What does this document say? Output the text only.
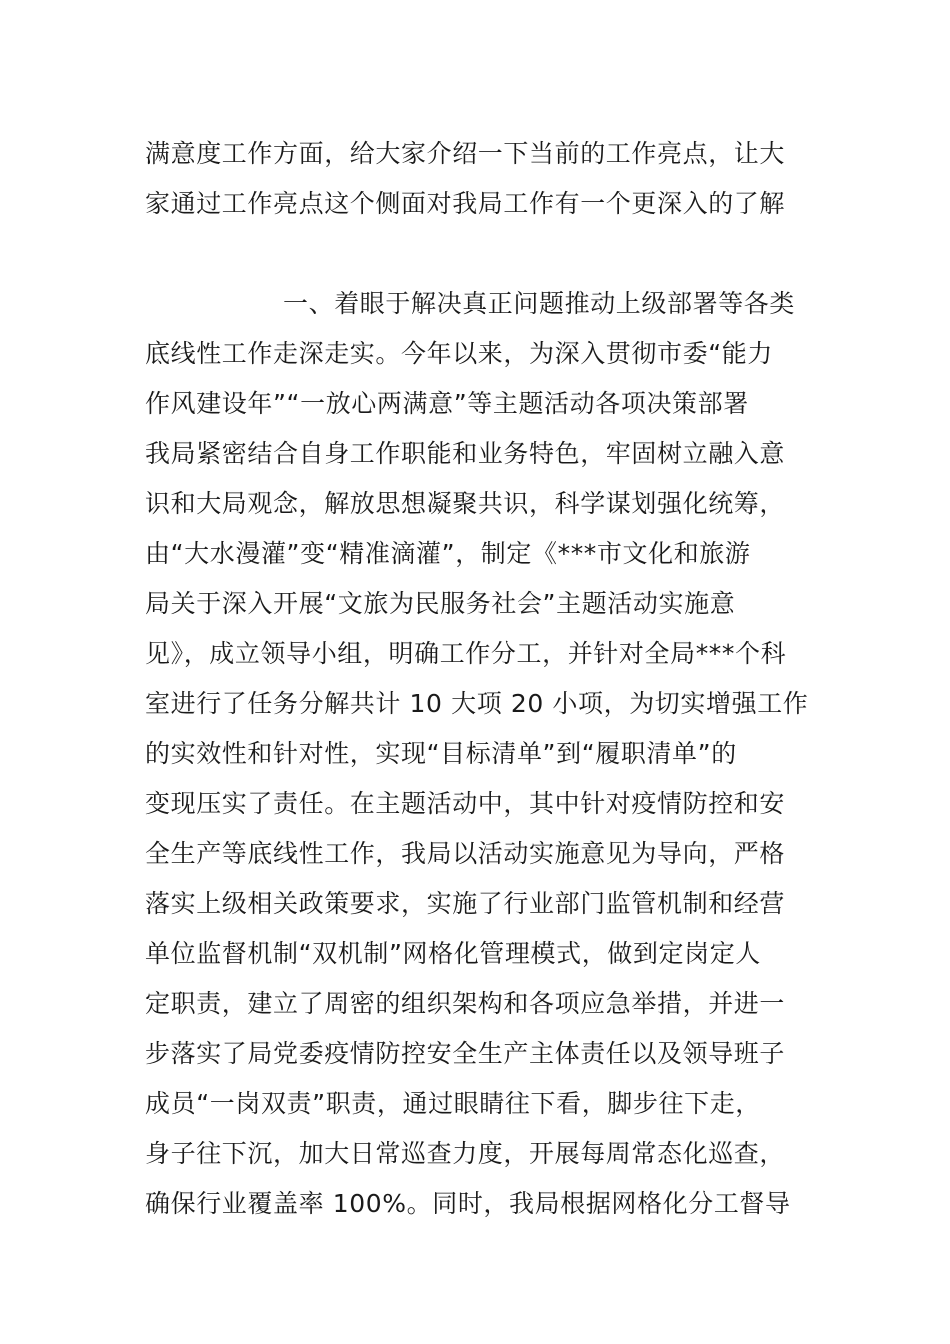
满意度工作方面，给大家介绍一下当前的工作亮点，让大
家通过工作亮点这个侧面对我局工作有一个更深入的了解
一、着眼于解决真正问题推动上级部署等各类
底线性工作走深走实。今年以来，为深入贯彻市委“能力
作风建设年”“一放心两满意”等主题活动各项决策部署
我局紧密结合自身工作职能和业务特色，牢固树立融入意
识和大局观念，解放思想凝聚共识，科学谋划强化统筹，
由“大水漫灌”变“精准滴灌”，制定《***市文化和旅游
局关于深入开展“文旅为民服务社会”主题活动实施意
见》，成立领导小组，明确工作分工，并针对全局***个科
室进行了任务分解共计 10 大项 20 小项，为切实增强工作
的实效性和针对性，实现“目标清单”到“履职清单”的
变现压实了责任。在主题活动中，其中针对疫情防控和安
全生产等底线性工作，我局以活动实施意见为导向，严格
落实上级相关政策要求，实施了行业部门监管机制和经营
单位监督机制“双机制”网格化管理模式，做到定岗定人
定职责，建立了周密的组织架构和各项应急举措，并进一
步落实了局党委疫情防控安全生产主体责任以及领导班子
成员“一岗双责”职责，通过眼睛往下看，脚步往下走，
身子往下沉，加大日常巡查力度，开展每周常态化巡查，
确保行业覆盖率 100%。同时，我局根据网格化分工督导
